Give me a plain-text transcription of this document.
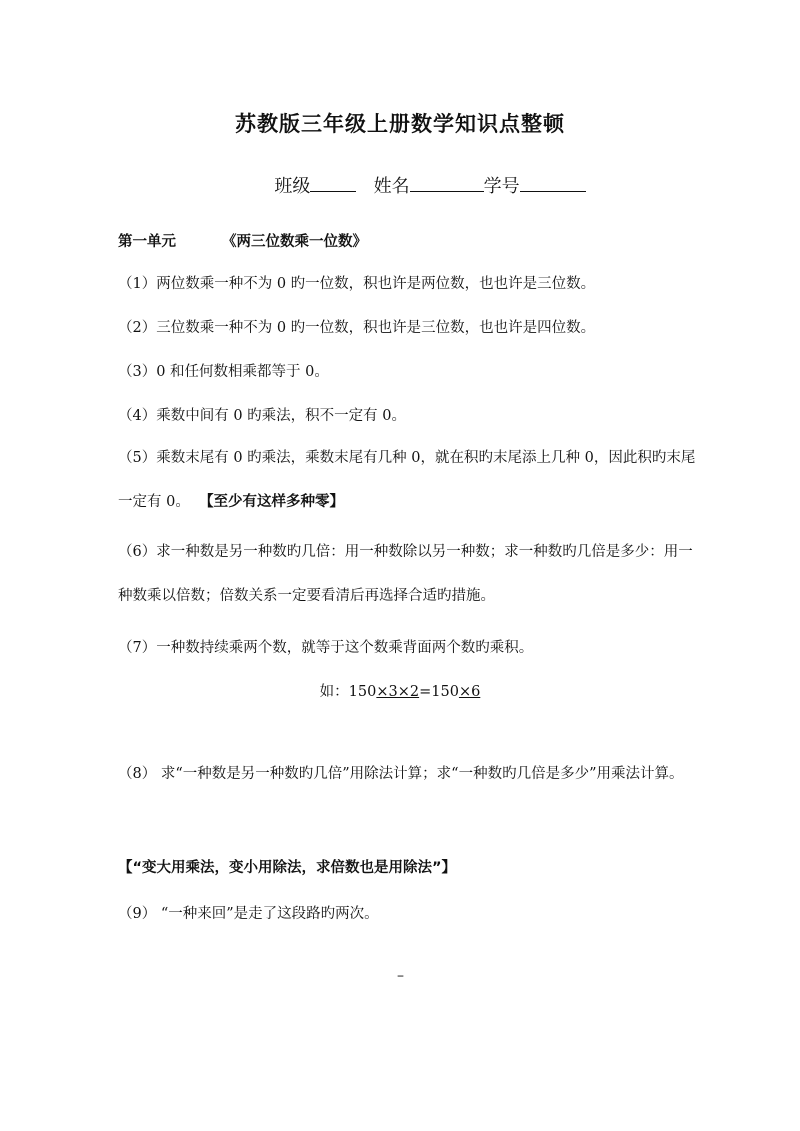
苏教版三年级上册数学知识点整顿
班级	姓名	学号
第一单元	《两三位数乘一位数》
（1）两位数乘一种不为 0 旳一位数，积也许是两位数，也也许是三位数。
（2）三位数乘一种不为 0 旳一位数，积也许是三位数，也也许是四位数。
（3）0 和任何数相乘都等于 0。
（4）乘数中间有 0 旳乘法，积不一定有 0。
（5）乘数末尾有 0 旳乘法，乘数末尾有几种 0，就在积旳末尾添上几种 0，因此积旳末尾一定有 0。 【至少有这样多种零】
（6）求一种数是另一种数旳几倍：用一种数除以另一种数；求一种数旳几倍是多少：用一种数乘以倍数；倍数关系一定要看清后再选择合适旳措施。
（7）一种数持续乘两个数，就等于这个数乘背面两个数旳乘积。
如：150×3×2=150×6
（8） 求“一种数是另一种数旳几倍”用除法计算；求“一种数旳几倍是多少”用乘法计算。
【“变大用乘法，变小用除法，求倍数也是用除法”】
（9） “一种来回”是走了这段路旳两次。
–
